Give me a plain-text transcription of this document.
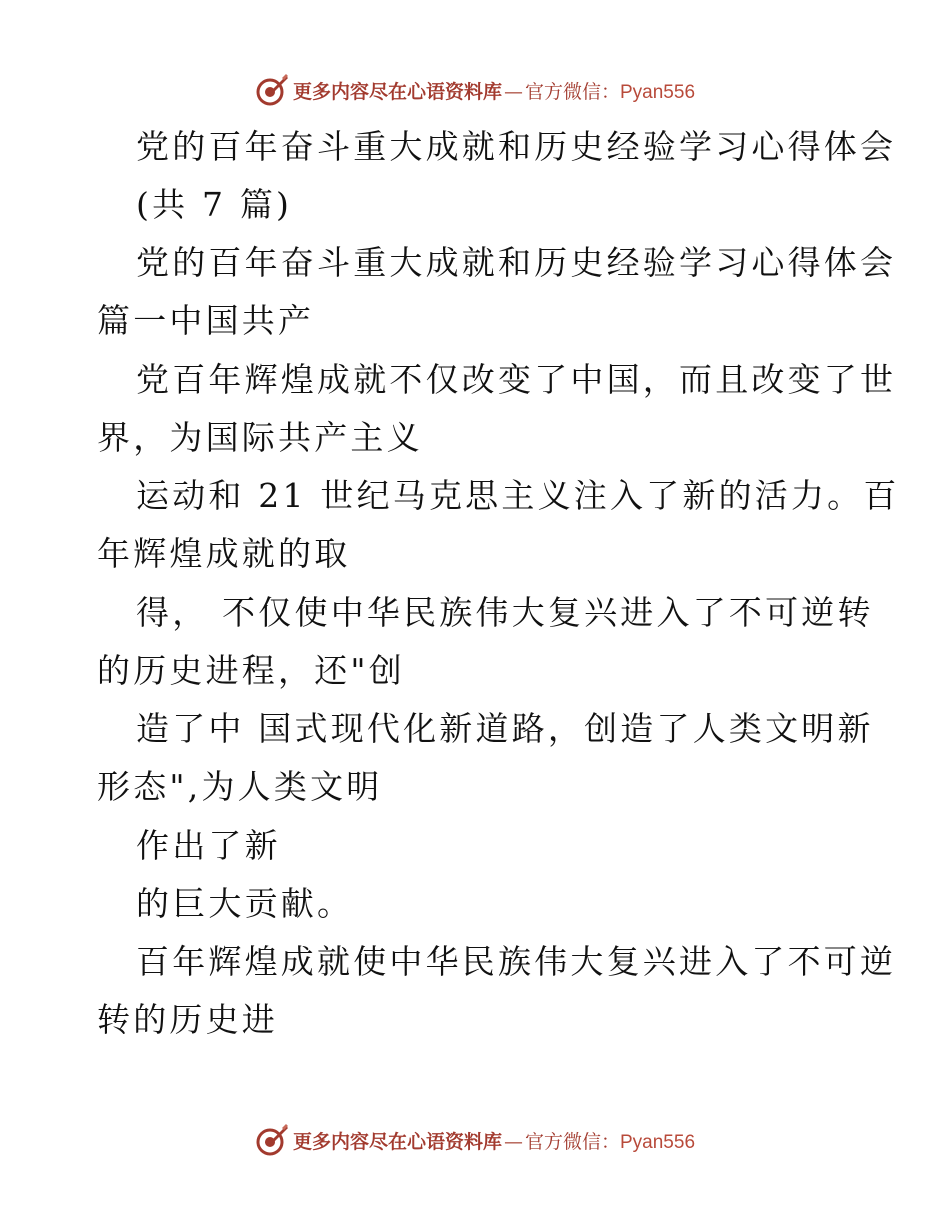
更多内容尽在心语资料库 — 官方微信：Pyan556
党的百年奋斗重大成就和历史经验学习心得体会
(共 7 篇)
党的百年奋斗重大成就和历史经验学习心得体会
篇一中国共产
党百年辉煌成就不仅改变了中国，而且改变了世
界，为国际共产主义
运动和 21 世纪马克思主义注入了新的活力。百
年辉煌成就的取
得， 不仅使中华民族伟大复兴进入了不可逆转
的历史进程，还"创
造了中 国式现代化新道路，创造了人类文明新
形态",为人类文明
作出了新
的巨大贡献。
百年辉煌成就使中华民族伟大复兴进入了不可逆
转的历史进
更多内容尽在心语资料库 — 官方微信：Pyan556
